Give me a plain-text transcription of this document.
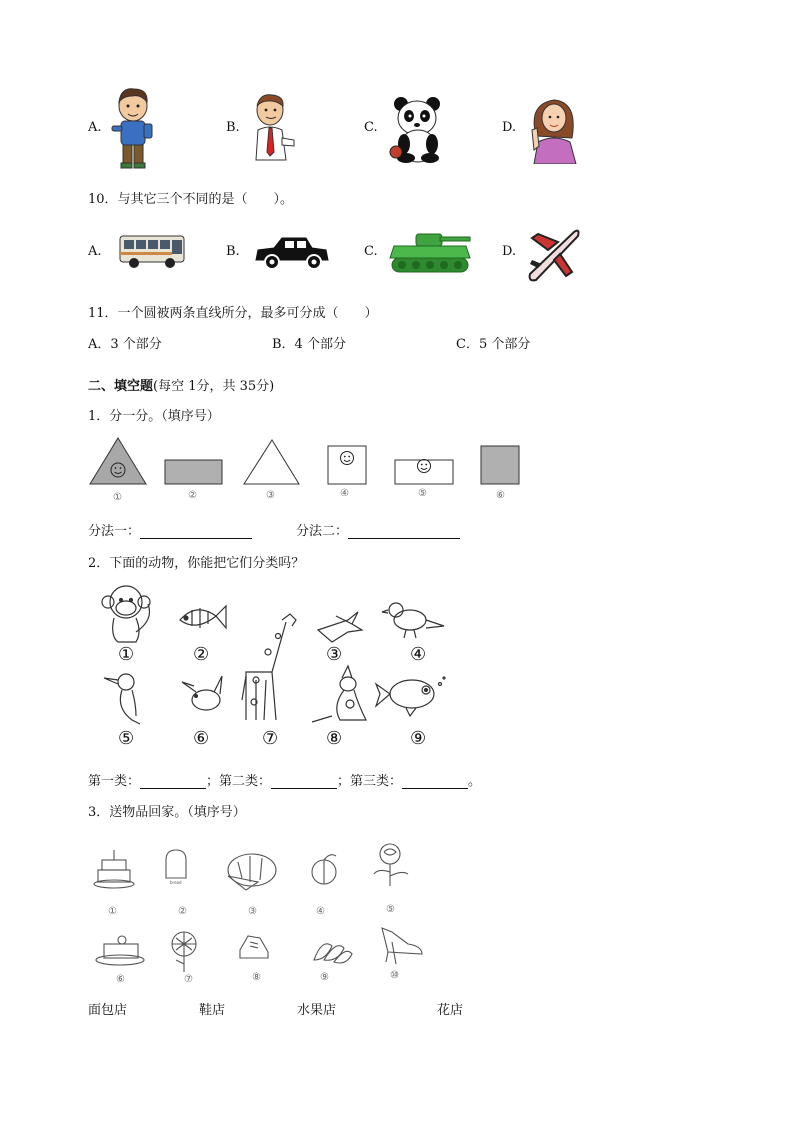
A.	B.	C.	D.
10．与其它三个不同的是（　　）。
A.	B.	C.	D.
11．一个圆被两条直线所分，最多可分成（　　）
A．3 个部分	B．4 个部分	C．5 个部分
二、填空题(每空 1分，共 35分)
1．分一分。（填序号）
①	②	③	④	⑤	⑥
分法一：	分法二：
2．下面的动物，你能把它们分类吗？
①	②	③	④
⑤	⑥	⑦	⑧	⑨
第一类：	；第二类：	；第三类：	。
3．送物品回家。（填序号）
bread
①	②	③	④	⑤
⑥	⑦	⑧	⑨	⑩
面包店	鞋店	水果店	花店
